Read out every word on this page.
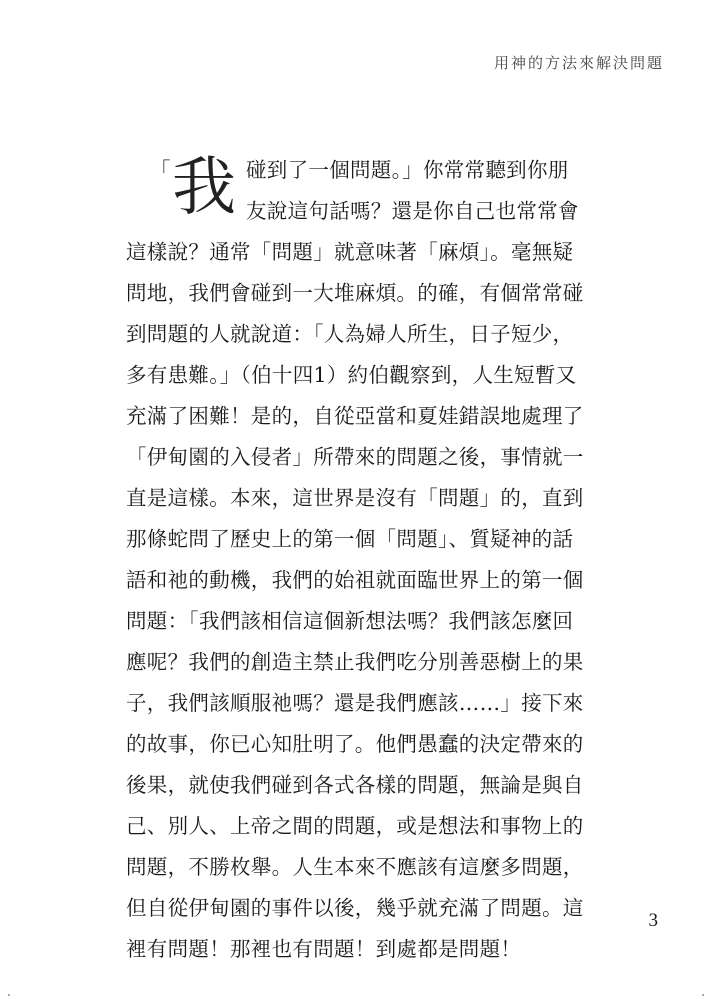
用神的方法來解決問題
「 我 碰到了一個問題。」你常常聽到你朋
友說這句話嗎？還是你自己也常常會
這樣說？通常「問題」就意味著「麻煩」。毫無疑
問地，我們會碰到一大堆麻煩。的確，有個常常碰
到問題的人就說道：「人為婦人所生，日子短少，
多有患難。」（伯十四1）約伯觀察到，人生短暫又
充滿了困難！是的，自從亞當和夏娃錯誤地處理了
「伊甸園的入侵者」所帶來的問題之後，事情就一
直是這樣。本來，這世界是沒有「問題」的，直到
那條蛇問了歷史上的第一個「問題」、質疑神的話
語和祂的動機，我們的始祖就面臨世界上的第一個
問題：「我們該相信這個新想法嗎？我們該怎麼回
應呢？我們的創造主禁止我們吃分別善惡樹上的果
子，我們該順服祂嗎？還是我們應該……」接下來
的故事，你已心知肚明了。他們愚蠢的決定帶來的
後果，就使我們碰到各式各樣的問題，無論是與自
己、別人、上帝之間的問題，或是想法和事物上的
問題，不勝枚舉。人生本來不應該有這麼多問題，
但自從伊甸園的事件以後，幾乎就充滿了問題。這
裡有問題！那裡也有問題！到處都是問題！
3
